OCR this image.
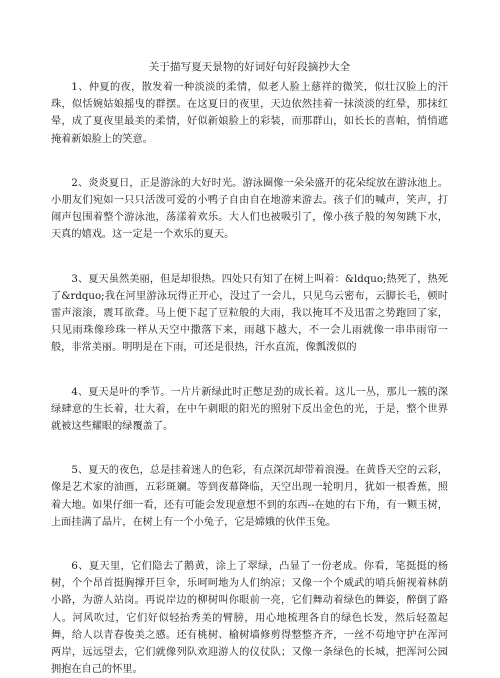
关于描写夏天景物的好词好句好段摘抄大全

1、仲夏的夜，散发着一种淡淡的柔情，似老人脸上慈祥的微笑，似壮汉脸上的汗珠，似恬婉姑娘摇曳的群摆。在这夏日的夜里，天边依然挂着一抹淡淡的红晕，那抹红晕，成了夏夜里最美的柔情，好似新娘脸上的彩装，而那群山，如长长的喜帕，悄悄遮掩着新娘脸上的笑意。

2、炎炎夏日，正是游泳的大好时光。游泳圈像一朵朵盛开的花朵绽放在游泳池上。小朋友们宛如一只只活泼可爱的小鸭子自由自在地游来游去。孩子们的喊声，笑声，打闹声包围着整个游泳池，荡漾着欢乐。大人们也被吸引了，像小孩子般的匆匆跳下水，天真的嬉戏。这一定是一个欢乐的夏天。

3、夏天虽然美丽，但是却很热。四处只有知了在树上叫着：&ldquo;热死了，热死了&rdquo;我在河里游泳玩得正开心，没过了一会儿，只见乌云密布，云脚长毛，顿时雷声滚滚，震耳欲聋。马上便下起了豆粒般的大雨，我以掩耳不及迅雷之势跑回了家，只见雨珠像珍珠一样从天空中撒落下来，雨越下越大，不一会儿雨就像一串串雨帘一般，非常美丽。明明是在下雨，可还是很热，汗水直流，像瓢泼似的

4、夏天是叶的季节。一片片新绿此时正憋足劲的成长着。这儿一丛，那儿一簇的深绿肆意的生长着，壮大着，在中午刺眼的阳光的照射下反出金色的光，于是，整个世界就被这些耀眼的绿覆盖了。

5、夏天的夜色，总是挂着迷人的色彩，有点深沉却带着浪漫。在黄昏天空的云彩，像是艺术家的油画，五彩斑斓。等到夜幕降临，天空出现一轮明月，犹如一根香蕉，照着大地。如果仔细一看，还有可能会发现意想不到的东西--在她的右下角，有一颗玉树，上面挂满了晶片，在树上有一个小兔子，它是嫦娥的伙伴玉兔。

6、夏天里，它们隐去了鹅黄，涂上了翠绿，凸显了一份老成。你看，笔挺挺的杨树，个个昂首挺胸撑开巨伞，乐呵呵地为人们纳凉；又像一个个威武的哨兵俯视着林荫小路，为游人站岗。再说岸边的柳树叫你眼前一亮，它们舞动着绿色的舞姿，醉倒了路人。河风吹过，它们好似轻抬秀美的臂膀，用心地梳理各自的绿色长发，然后轻盈起舞，给人以青春俊美之感。还有桃树、榆树墙修剪得整整齐齐，一丝不苟地守护在浑河两岸，远远望去，它们就像列队欢迎游人的仪仗队；又像一条绿色的长城，把浑河公园拥抱在自己的怀里。
